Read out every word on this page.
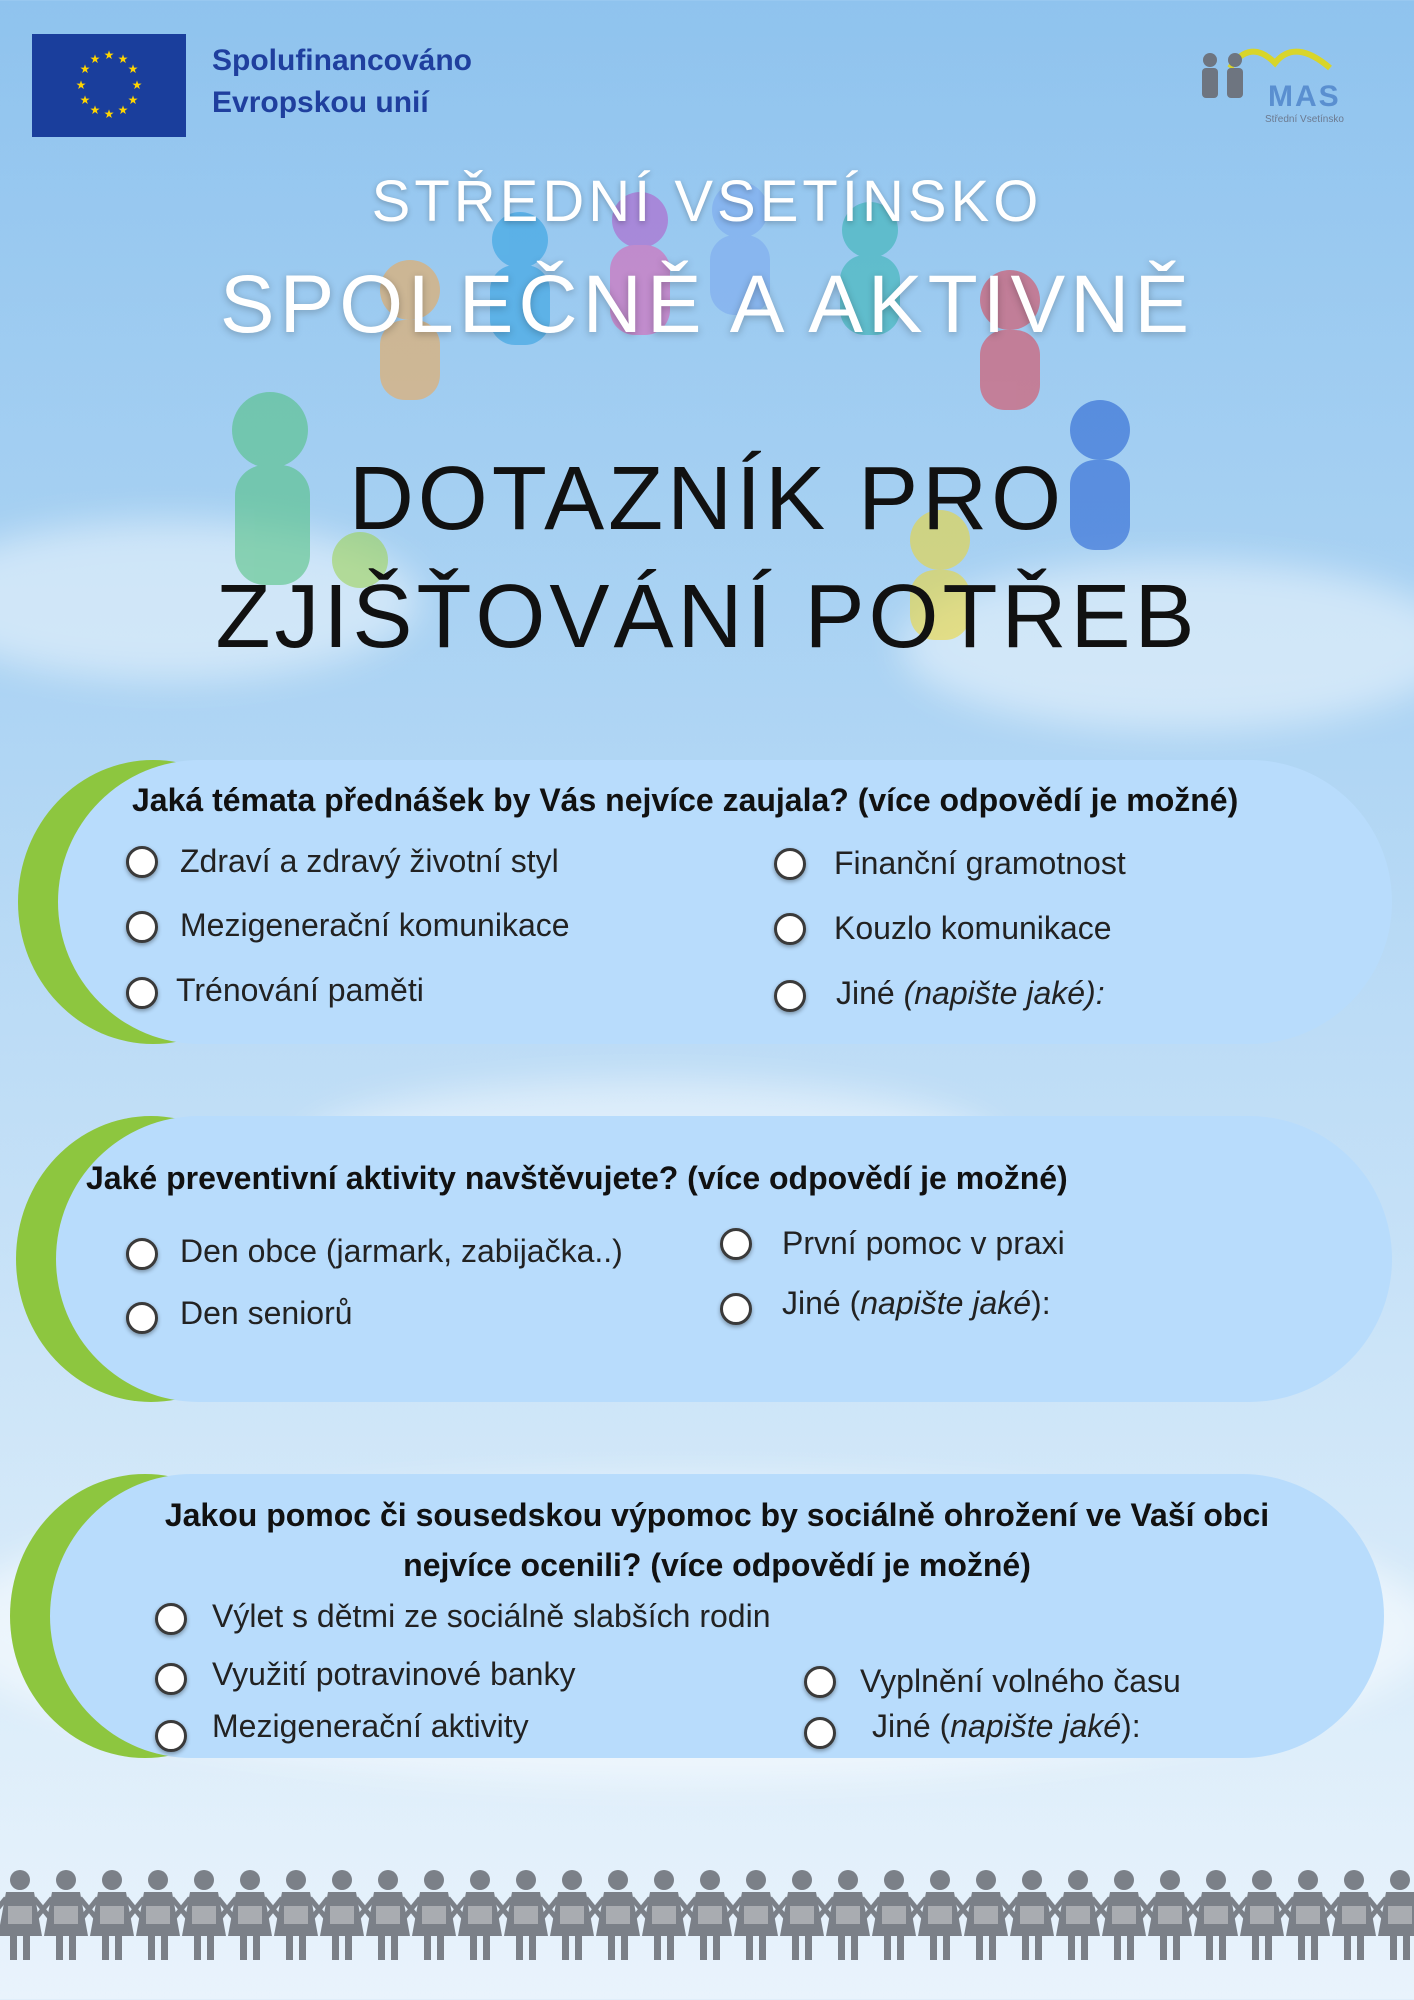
★ ★
★
★
★
★
★
★
★
★
★
★	Spolufinancováno
Evropskou unií	MAS
Střední Vsetínsko
STŘEDNÍ VSETÍNSKO
SPOLEČNĚ A AKTIVNĚ
DOTAZNÍK PRO
ZJIŠŤOVÁNÍ POTŘEB
Jaká témata přednášek by Vás nejvíce zaujala? (více odpovědí je možné)
Zdraví a zdravý životní styl
Mezigenerační komunikace
Trénování paměti
Finanční gramotnost
Kouzlo komunikace
Jiné (napište jaké):
Jaké preventivní aktivity navštěvujete? (více odpovědí je možné)
Den obce (jarmark, zabijačka..)
Den seniorů
První pomoc v praxi
Jiné (napište jaké):
Jakou pomoc či sousedskou výpomoc by sociálně ohrožení ve Vaší obci
nejvíce ocenili? (více odpovědí je možné)
Výlet s dětmi ze sociálně slabších rodin
Využití potravinové banky
Mezigenerační aktivity
Vyplnění volného času
Jiné (napište jaké):
